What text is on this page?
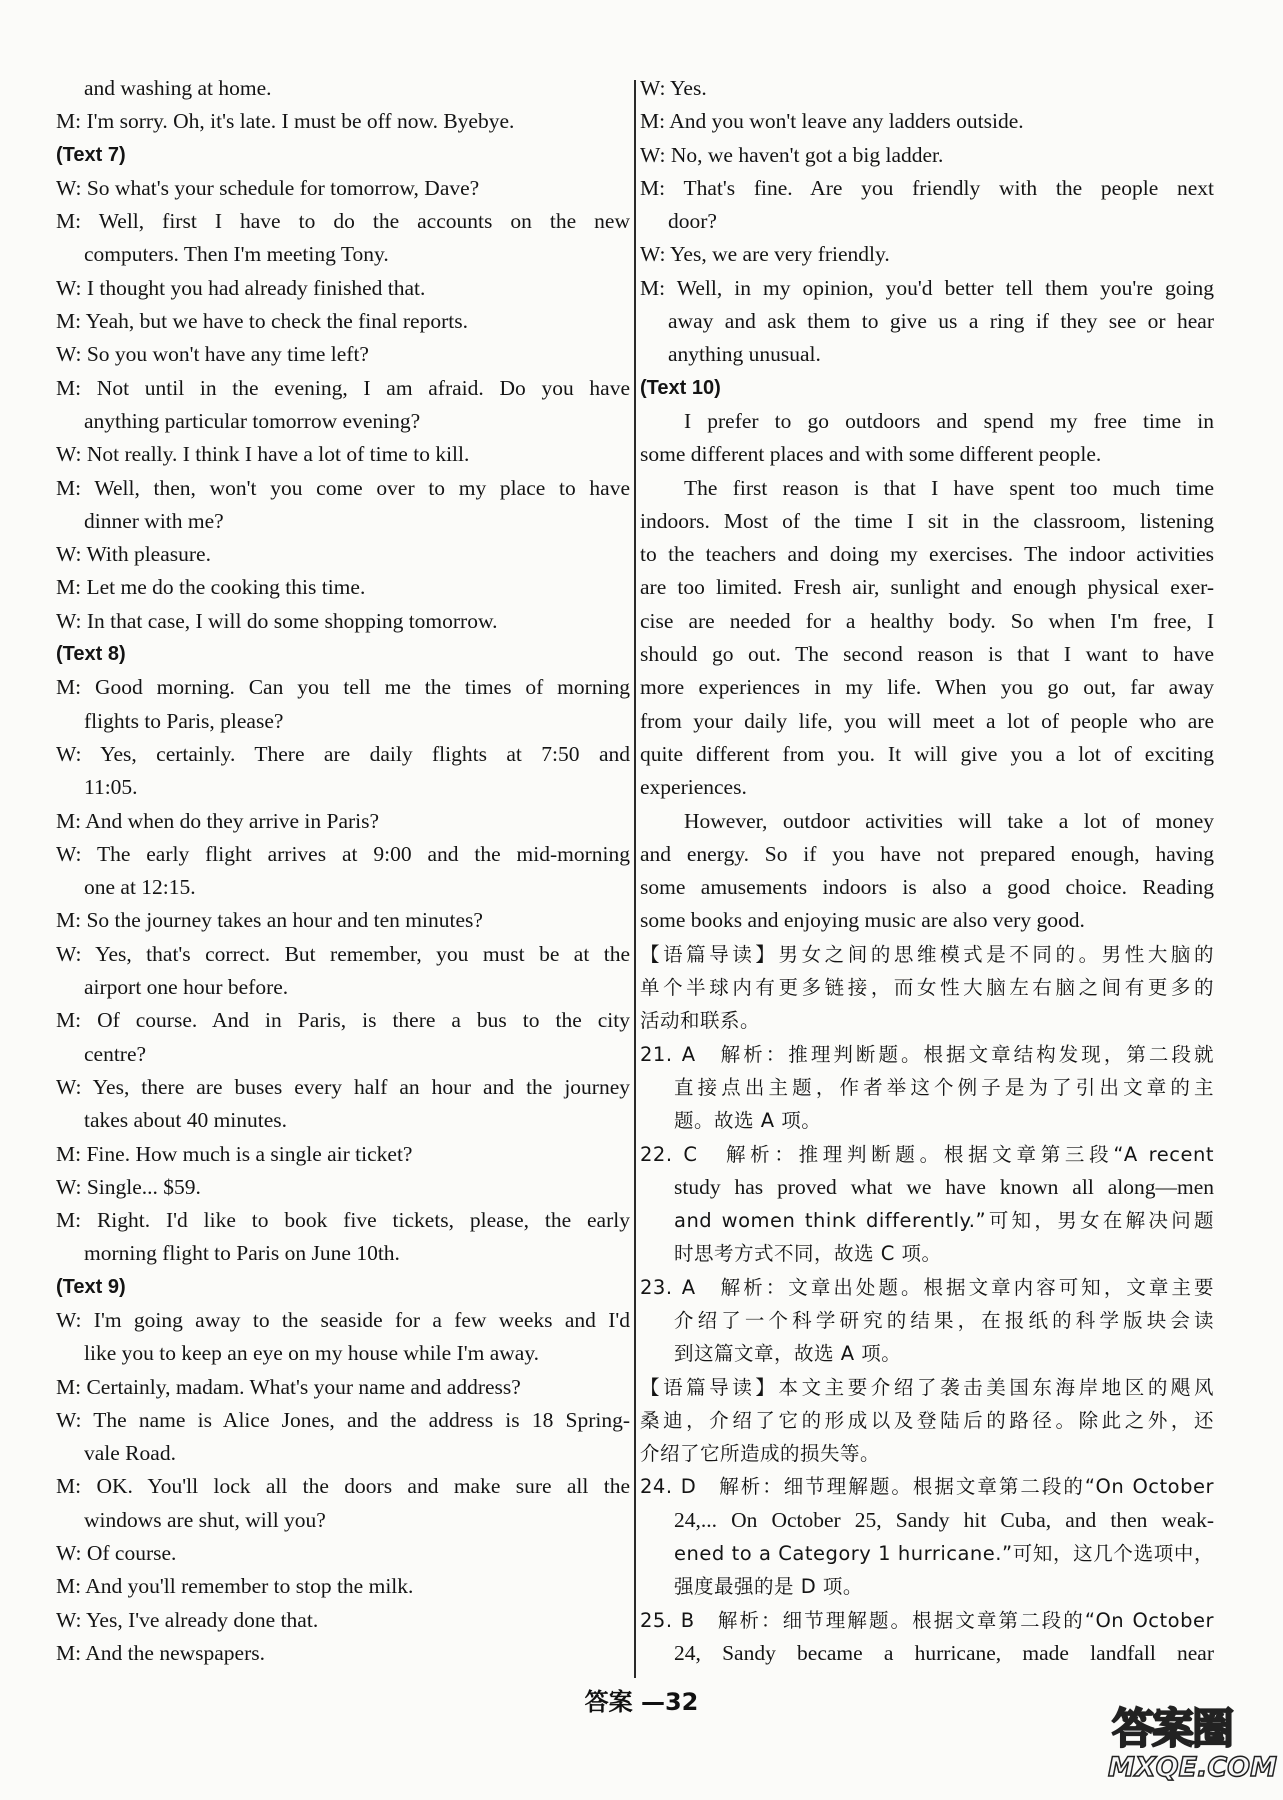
and washing at home.
M: I'm sorry. Oh, it's late. I must be off now. Byebye.
(Text 7)
W: So what's your schedule for tomorrow, Dave?
M: Well, first I have to do the accounts on the new
computers. Then I'm meeting Tony.
W: I thought you had already finished that.
M: Yeah, but we have to check the final reports.
W: So you won't have any time left?
M: Not until in the evening, I am afraid. Do you have
anything particular tomorrow evening?
W: Not really. I think I have a lot of time to kill.
M: Well, then, won't you come over to my place to have
dinner with me?
W: With pleasure.
M: Let me do the cooking this time.
W: In that case, I will do some shopping tomorrow.
(Text 8)
M: Good morning. Can you tell me the times of morning
flights to Paris, please?
W: Yes, certainly. There are daily flights at 7:50 and
11:05.
M: And when do they arrive in Paris?
W: The early flight arrives at 9:00 and the mid-morning
one at 12:15.
M: So the journey takes an hour and ten minutes?
W: Yes, that's correct. But remember, you must be at the
airport one hour before.
M: Of course. And in Paris, is there a bus to the city
centre?
W: Yes, there are buses every half an hour and the journey
takes about 40 minutes.
M: Fine. How much is a single air ticket?
W: Single... $59.
M: Right. I'd like to book five tickets, please, the early
morning flight to Paris on June 10th.
(Text 9)
W: I'm going away to the seaside for a few weeks and I'd
like you to keep an eye on my house while I'm away.
M: Certainly, madam. What's your name and address?
W: The name is Alice Jones, and the address is 18 Spring-
vale Road.
M: OK. You'll lock all the doors and make sure all the
windows are shut, will you?
W: Of course.
M: And you'll remember to stop the milk.
W: Yes, I've already done that.
M: And the newspapers.
W: Yes.
M: And you won't leave any ladders outside.
W: No, we haven't got a big ladder.
M: That's fine. Are you friendly with the people next
door?
W: Yes, we are very friendly.
M: Well, in my opinion, you'd better tell them you're going
away and ask them to give us a ring if they see or hear
anything unusual.
(Text 10)
I prefer to go outdoors and spend my free time in
some different places and with some different people.
The first reason is that I have spent too much time
indoors. Most of the time I sit in the classroom, listening
to the teachers and doing my exercises. The indoor activities
are too limited. Fresh air, sunlight and enough physical exer-
cise are needed for a healthy body. So when I'm free, I
should go out. The second reason is that I want to have
more experiences in my life. When you go out, far away
from your daily life, you will meet a lot of people who are
quite different from you. It will give you a lot of exciting
experiences.
However, outdoor activities will take a lot of money
and energy. So if you have not prepared enough, having
some amusements indoors is also a good choice. Reading
some books and enjoying music are also very good.
【语篇导读】男女之间的思维模式是不同的。男性大脑的
单个半球内有更多链接，而女性大脑左右脑之间有更多的
活动和联系。
21. A　解析：推理判断题。根据文章结构发现，第二段就
直接点出主题，作者举这个例子是为了引出文章的主
题。故选 A 项。
22. C　解析：推理判断题。根据文章第三段“A recent
study has proved what we have known all along—men
and women think differently.”可知，男女在解决问题
时思考方式不同，故选 C 项。
23. A　解析：文章出处题。根据文章内容可知，文章主要
介绍了一个科学研究的结果，在报纸的科学版块会读
到这篇文章，故选 A 项。
【语篇导读】本文主要介绍了袭击美国东海岸地区的飓风
桑迪，介绍了它的形成以及登陆后的路径。除此之外，还
介绍了它所造成的损失等。
24. D　解析：细节理解题。根据文章第二段的“On October
24,... On October 25, Sandy hit Cuba, and then weak-
ened to a Category 1 hurricane.”可知，这几个选项中，
强度最强的是 D 项。
25. B　解析：细节理解题。根据文章第二段的“On October
24, Sandy became a hurricane, made landfall near
答案 —32
答案圈
MXQE.COM
